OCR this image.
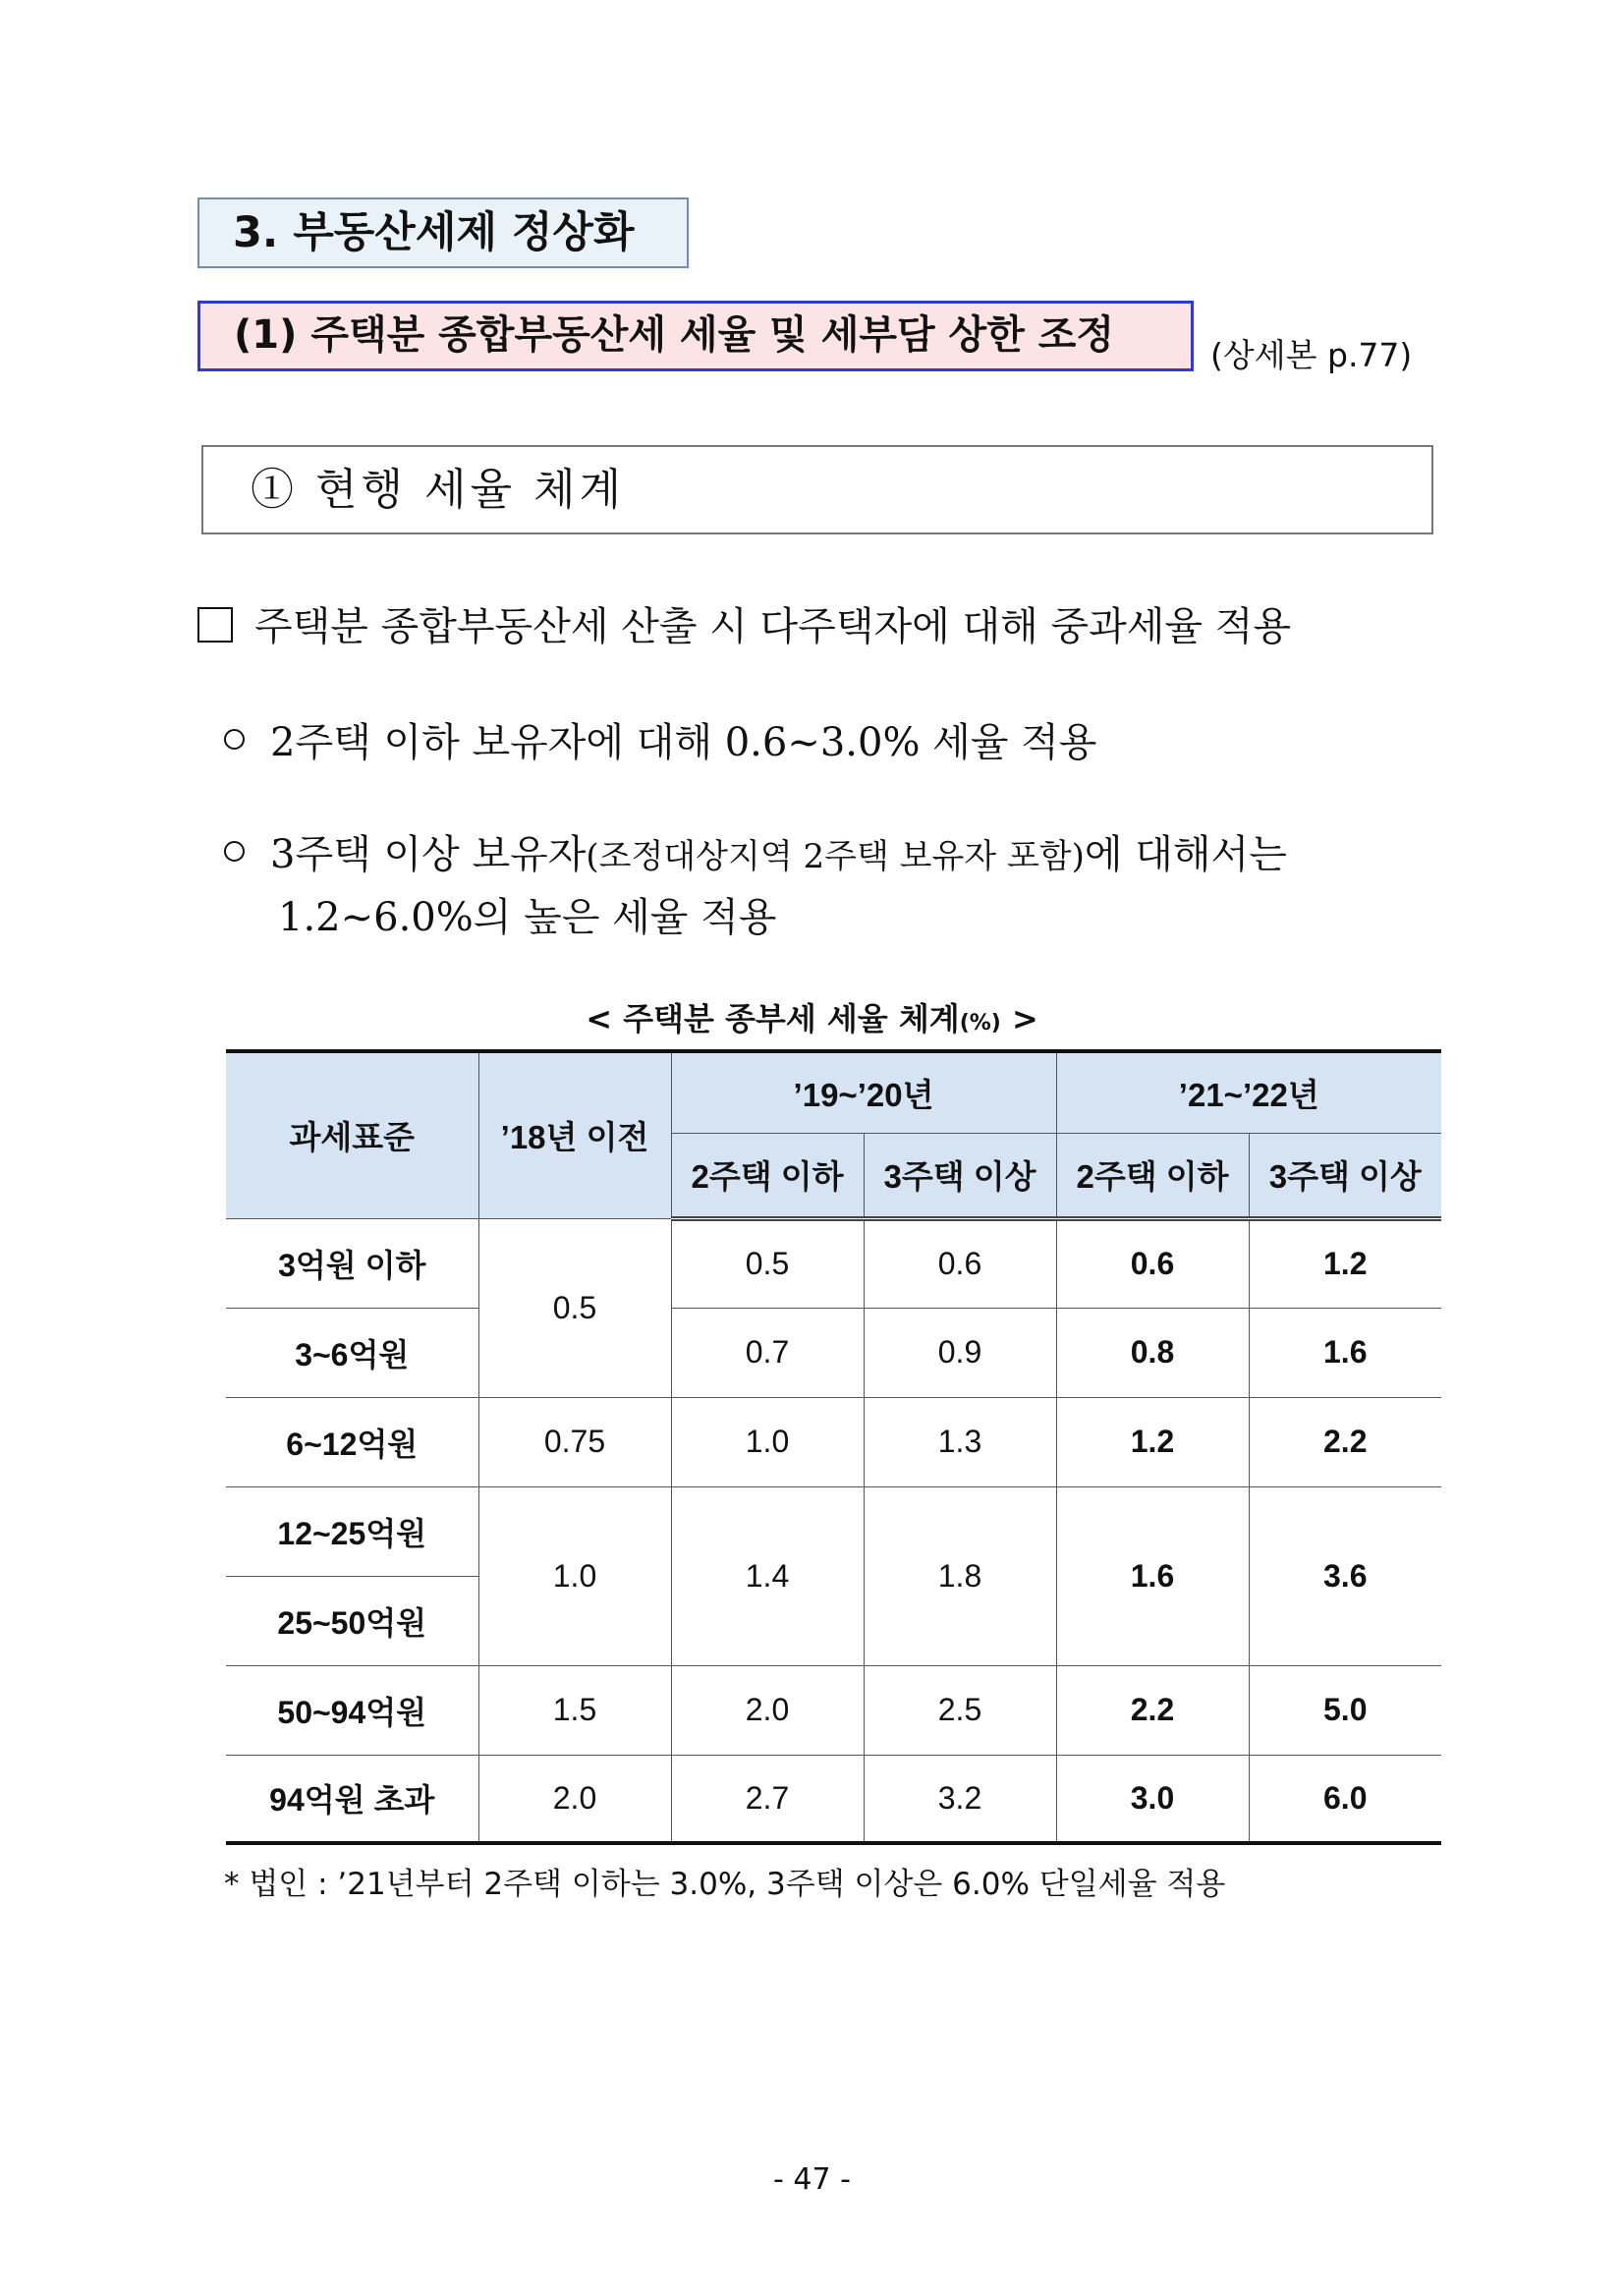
3. 부동산세제 정상화
(1) 주택분 종합부동산세 세율 및 세부담 상한 조정	(상세본 p.77)
① 현행 세율 체계
주택분 종합부동산세 산출 시 다주택자에 대해 중과세율 적용
2주택 이하 보유자에 대해 0.6~3.0% 세율 적용
3주택 이상 보유자(조정대상지역 2주택 보유자 포함)에 대해서는
1.2~6.0%의 높은 세율 적용
< 주택분 종부세 세율 체계(%) >
과세표준	’18년 이전	’19~’20년		’21~’22년	
		2주택 이하	3주택 이상	2주택 이하	3주택 이상
3억원 이하	0.5	0.5	0.6	0.6	1.2
3~6억원		0.7	0.9	0.8	1.6
6~12억원	0.75	1.0	1.3	1.2	2.2
12~25억원	1.0	1.4	1.8	1.6	3.6
25~50억원					
50~94억원	1.5	2.0	2.5	2.2	5.0
94억원 초과	2.0	2.7	3.2	3.0	6.0
* 법인 : ’21년부터 2주택 이하는 3.0%, 3주택 이상은 6.0% 단일세율 적용
- 47 -
